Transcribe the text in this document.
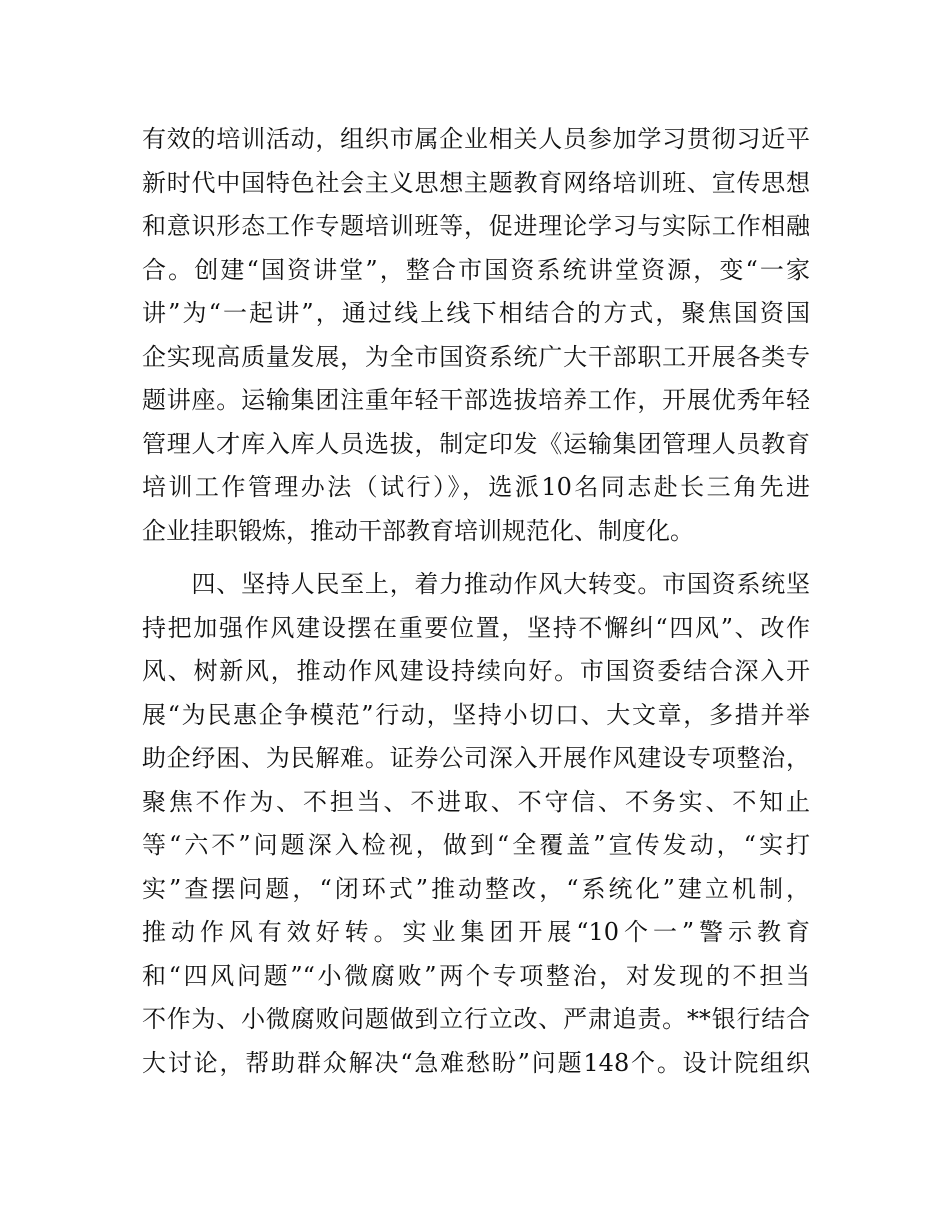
有效的培训活动，组织市属企业相关人员参加学习贯彻习近平
新时代中国特色社会主义思想主题教育网络培训班、宣传思想
和意识形态工作专题培训班等，促进理论学习与实际工作相融
合。创建“国资讲堂”，整合市国资系统讲堂资源，变“一家
讲”为“一起讲”，通过线上线下相结合的方式，聚焦国资国
企实现高质量发展，为全市国资系统广大干部职工开展各类专
题讲座。运输集团注重年轻干部选拔培养工作，开展优秀年轻
管理人才库入库人员选拔，制定印发《运输集团管理人员教育
培训工作管理办法（试行）》，选派10名同志赴长三角先进
企业挂职锻炼，推动干部教育培训规范化、制度化。
　　四、坚持人民至上，着力推动作风大转变。市国资系统坚
持把加强作风建设摆在重要位置，坚持不懈纠“四风”、改作
风、树新风，推动作风建设持续向好。市国资委结合深入开
展“为民惠企争模范”行动，坚持小切口、大文章，多措并举
助企纾困、为民解难。证券公司深入开展作风建设专项整治，
聚焦不作为、不担当、不进取、不守信、不务实、不知止
等“六不”问题深入检视，做到“全覆盖”宣传发动，“实打
实”查摆问题，“闭环式”推动整改，“系统化”建立机制，
推动作风有效好转。实业集团开展“10个一”警示教育
和“四风问题”“小微腐败”两个专项整治，对发现的不担当
不作为、小微腐败问题做到立行立改、严肃追责。**银行结合
大讨论，帮助群众解决“急难愁盼”问题148个。设计院组织
